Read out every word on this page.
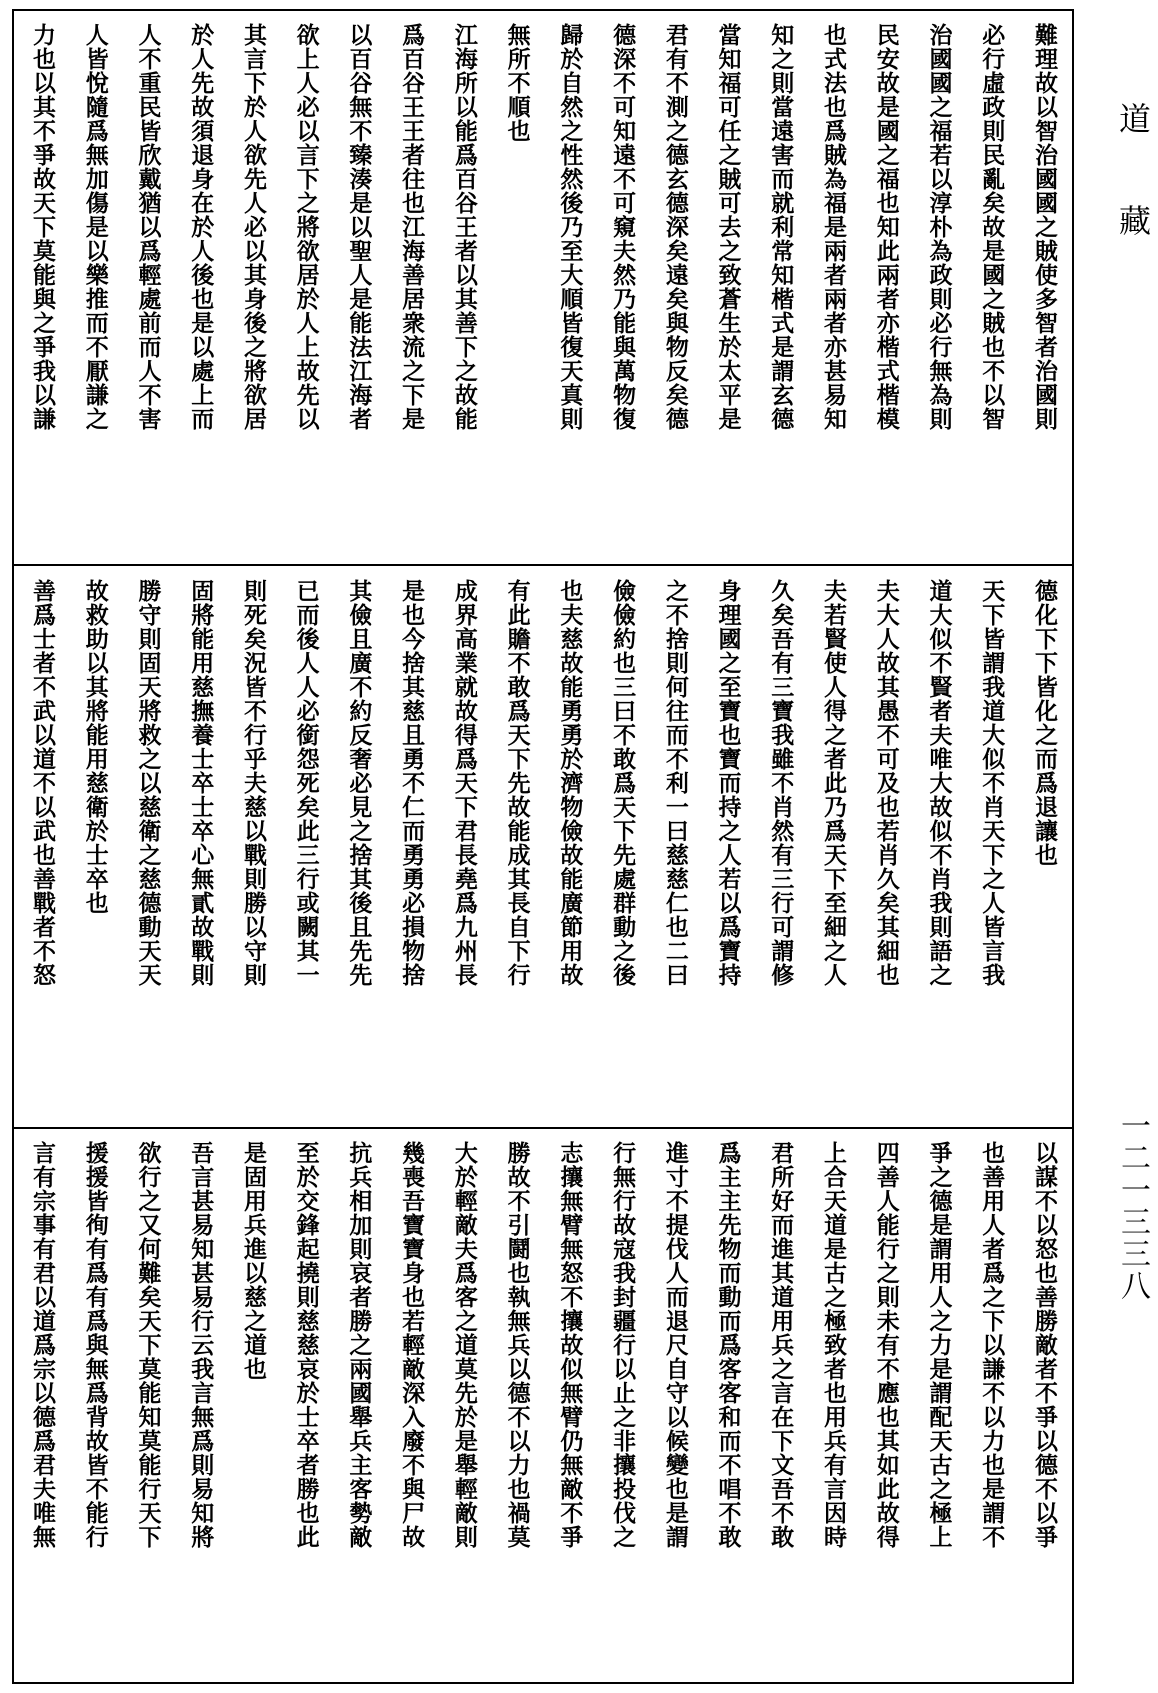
難理故以智治國國之賊使多智者治國則
必行虛政則民亂矣故是國之賊也不以智
治國國之福若以淳朴為政則必行無為則
民安故是國之福也知此兩者亦楷式楷模
也式法也爲賊為福是兩者兩者亦甚易知
知之則當遠害而就利常知楷式是謂玄德
當知福可任之賊可去之致蒼生於太平是
君有不測之德玄德深矣遠矣與物反矣德
德深不可知遠不可窺夫然乃能與萬物復
歸於自然之性然後乃至大順皆復天真則
無所不順也
江海所以能爲百谷王者以其善下之故能
爲百谷王王者往也江海善居衆流之下是
以百谷無不臻湊是以聖人是能法江海者
欲上人必以言下之將欲居於人上故先以
其言下於人欲先人必以其身後之將欲居
於人先故須退身在於人後也是以處上而
人不重民皆欣戴猶以爲輕處前而人不害
人皆悅隨爲無加傷是以樂推而不厭謙之
力也以其不爭故天下莫能與之爭我以謙
德化下下皆化之而爲退讓也
天下皆謂我道大似不肖天下之人皆言我
道大似不賢者夫唯大故似不肖我則語之
夫大人故其愚不可及也若肖久矣其細也
夫若賢使人得之者此乃爲天下至細之人
久矣吾有三寶我雖不肖然有三行可謂修
身理國之至寶也寶而持之人若以爲寶持
之不捨則何往而不利一曰慈慈仁也二曰
儉儉約也三曰不敢爲天下先處群動之後
也夫慈故能勇勇於濟物儉故能廣節用故
有此贍不敢爲天下先故能成其長自下行
成界高業就故得爲天下君長堯爲九州長
是也今捨其慈且勇不仁而勇勇必損物捨
其儉且廣不約反奢必見之捨其後且先先
已而後人人必銜怨死矣此三行或闕其一
則死矣況皆不行乎夫慈以戰則勝以守則
固將能用慈撫養士卒士卒心無貳故戰則
勝守則固天將救之以慈衛之慈德動天天
故救助以其將能用慈衛於士卒也
善爲士者不武以道不以武也善戰者不怒
以謀不以怒也善勝敵者不爭以德不以爭
也善用人者爲之下以謙不以力也是謂不
爭之德是謂用人之力是謂配天古之極上
四善人能行之則未有不應也其如此故得
上合天道是古之極致者也用兵有言因時
君所好而進其道用兵之言在下文吾不敢
爲主主先物而動而爲客客和而不唱不敢
進寸不提伐人而退尺自守以候變也是謂
行無行故寇我封疆行以止之非攘投伐之
志攘無臂無怒不攘故似無臂仍無敵不爭
勝故不引鬪也執無兵以德不以力也禍莫
大於輕敵夫爲客之道莫先於是舉輕敵則
幾喪吾寶寶身也若輕敵深入廢不與尸故
抗兵相加則哀者勝之兩國舉兵主客勢敵
至於交鋒起撓則慈慈哀於士卒者勝也此
是固用兵進以慈之道也
吾言甚易知甚易行云我言無爲則易知將
欲行之又何難矣天下莫能知莫能行天下
援援皆徇有爲有爲與無爲背故皆不能行
言有宗事有君以道爲宗以德爲君夫唯無
道藏
一二一三三八
